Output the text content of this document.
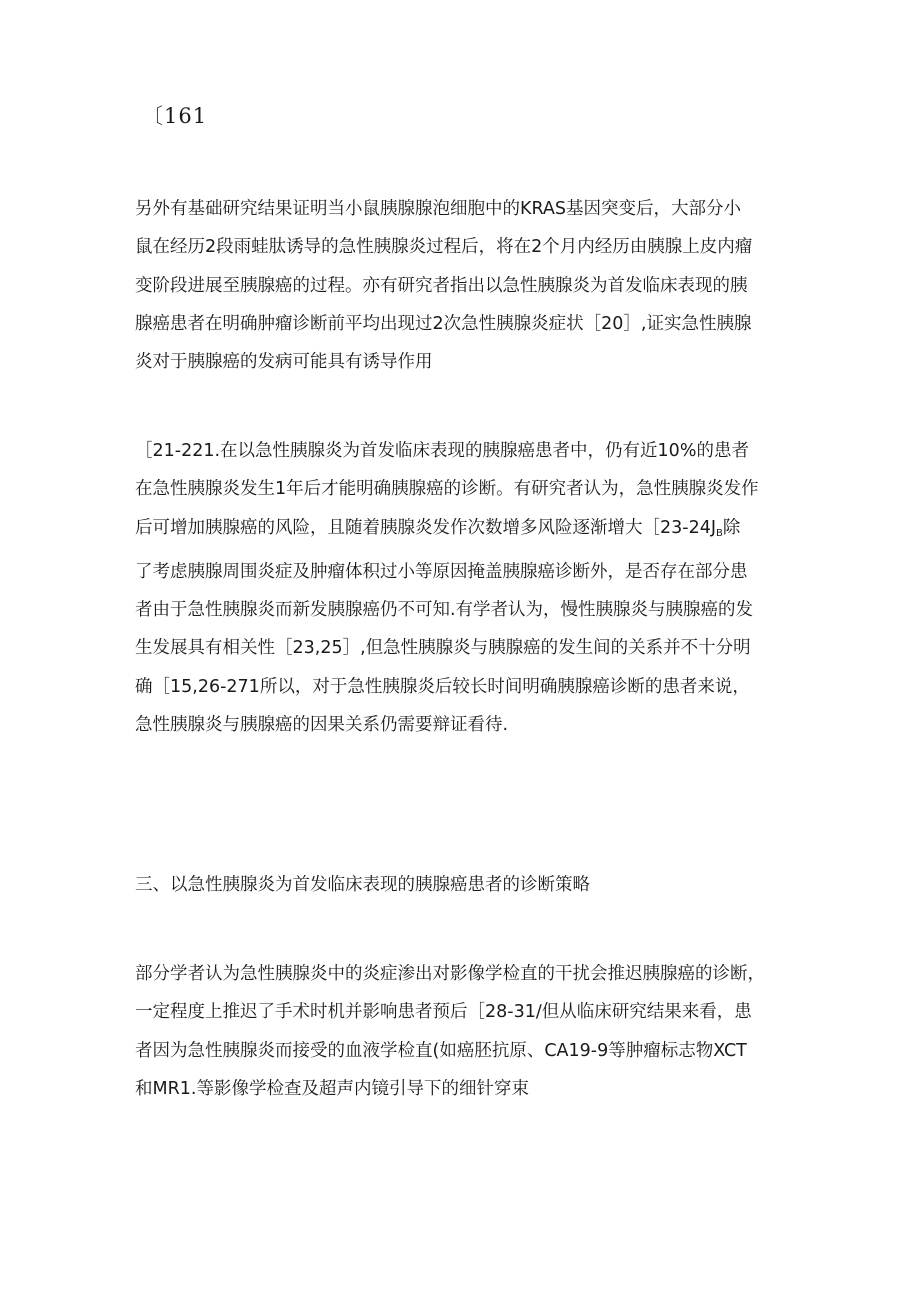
〔161

另外有基础研究结果证明当小鼠胰腺腺泡细胞中的KRAS基因突变后，大部分小
鼠在经历2段雨蛙肽诱导的急性胰腺炎过程后，将在2个月内经历由胰腺上皮内瘤
变阶段进展至胰腺癌的过程。亦有研究者指出以急性胰腺炎为首发临床表现的胰
腺癌患者在明确肿瘤诊断前平均出现过2次急性胰腺炎症状［20］,证实急性胰腺
炎对于胰腺癌的发病可能具有诱导作用

［21-221.在以急性胰腺炎为首发临床表现的胰腺癌患者中，仍有近10%的患者
在急性胰腺炎发生1年后才能明确胰腺癌的诊断。有研究者认为，急性胰腺炎发作
后可增加胰腺癌的风险，且随着胰腺炎发作次数增多风险逐渐增大$[23-24J_B$除
了考虑胰腺周围炎症及肿瘤体积过小等原因掩盖胰腺癌诊断外，是否存在部分患
者由于急性胰腺炎而新发胰腺癌仍不可知.有学者认为，慢性胰腺炎与胰腺癌的发
生发展具有相关性［23,25］,但急性胰腺炎与胰腺癌的发生间的关系并不十分明
确［15,26-271所以，对于急性胰腺炎后较长时间明确胰腺癌诊断的患者来说，
急性胰腺炎与胰腺癌的因果关系仍需要辩证看待.

三、以急性胰腺炎为首发临床表现的胰腺癌患者的诊断策略

部分学者认为急性胰腺炎中的炎症渗出对影像学检直的干扰会推迟胰腺癌的诊断，
一定程度上推迟了手术时机并影响患者预后［28-31∕但从临床研究结果来看，患
者因为急性胰腺炎而接受的血液学检直(如癌胚抗原、CA19-9等肿瘤标志物XCT
和MR1.等影像学检查及超声内镜引导下的细针穿束
